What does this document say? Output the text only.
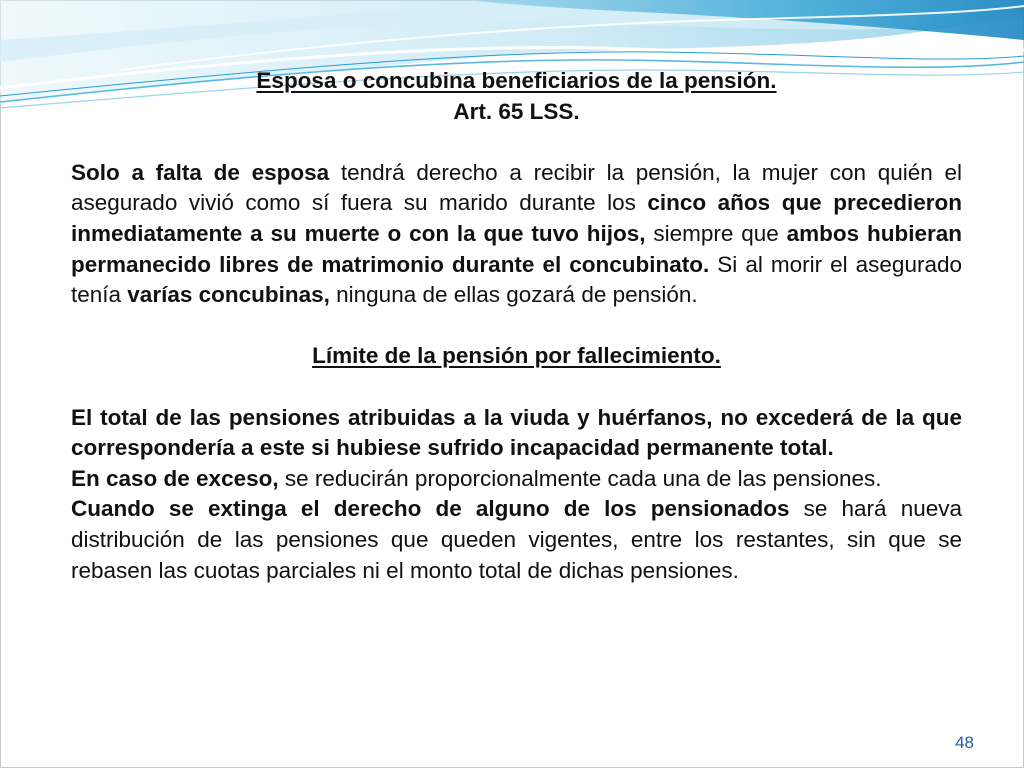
Esposa o concubina beneficiarios de la pensión.

Art. 65 LSS.

Solo a falta de esposa tendrá derecho a recibir la pensión, la mujer con quién el asegurado vivió como sí fuera su marido durante los cinco años que precedieron inmediatamente a su muerte o con la que tuvo hijos, siempre que ambos hubieran permanecido libres de matrimonio durante el concubinato. Si al morir el asegurado tenía varías concubinas, ninguna de ellas gozará de pensión.

Límite de la pensión por fallecimiento.

El total de las pensiones atribuidas a la viuda y huérfanos, no excederá de la que correspondería a este si hubiese sufrido incapacidad permanente total.

En caso de exceso, se reducirán proporcionalmente cada una de las pensiones.

Cuando se extinga el derecho de alguno de los pensionados se hará nueva distribución de las pensiones que queden vigentes, entre los restantes, sin que se rebasen las cuotas parciales ni el monto total de dichas pensiones.

48
